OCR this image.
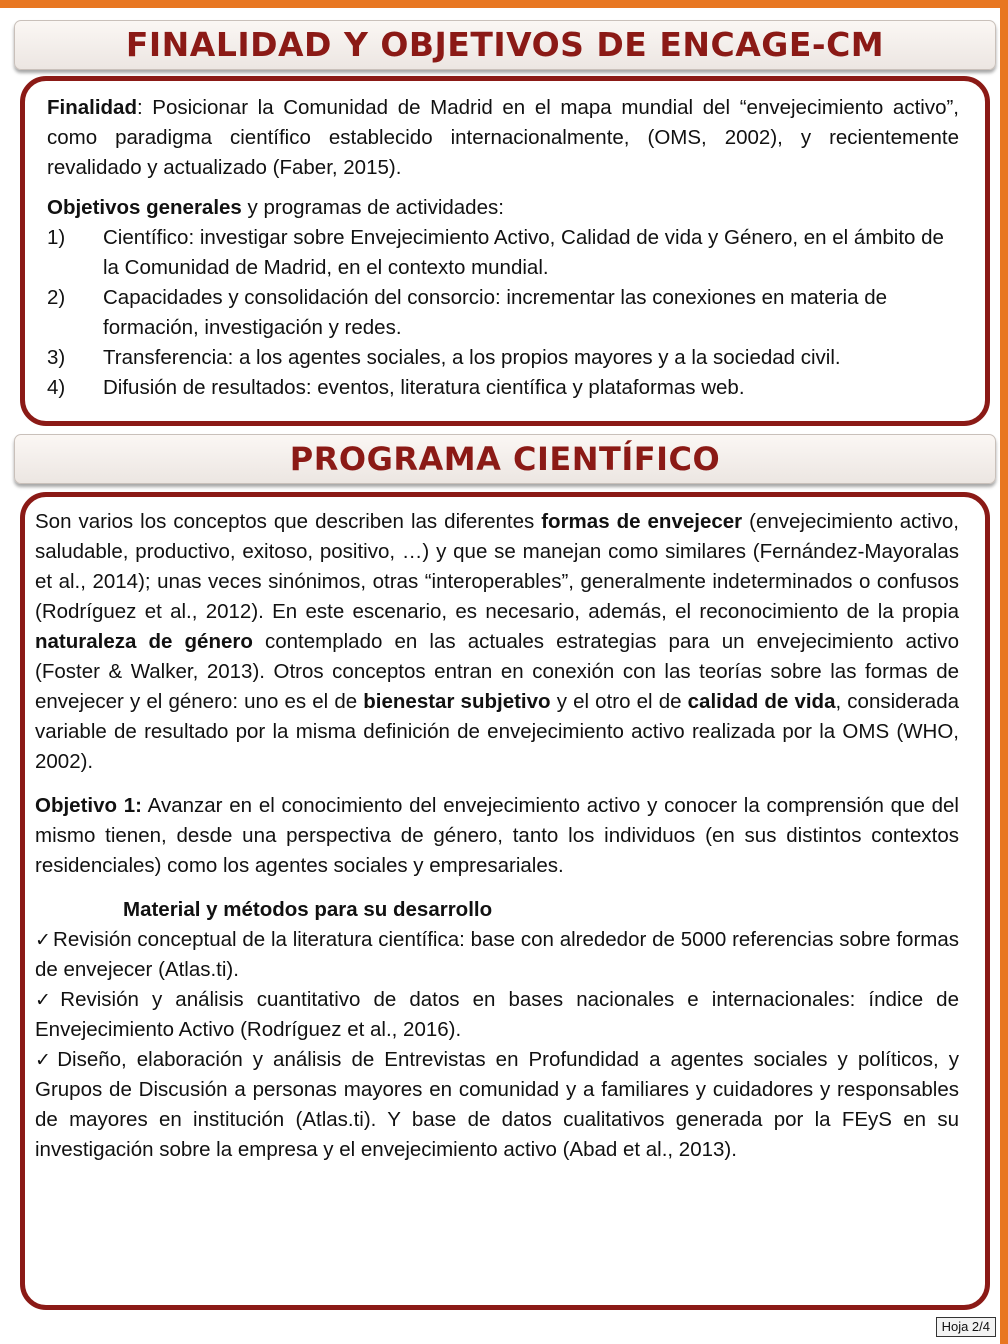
FINALIDAD Y OBJETIVOS DE ENCAGE-CM

Finalidad: Posicionar la Comunidad de Madrid en el mapa mundial del “envejecimiento activo”, como paradigma científico establecido internacionalmente, (OMS, 2002), y recientemente revalidado y actualizado (Faber, 2015).

Objetivos generales y programas de actividades:

1) Científico: investigar sobre Envejecimiento Activo, Calidad de vida y Género, en el ámbito de la Comunidad de Madrid, en el contexto mundial.
2) Capacidades y consolidación del consorcio: incrementar las conexiones en materia de formación, investigación y redes.
3) Transferencia: a los agentes sociales, a los propios mayores y a la sociedad civil.
4) Difusión de resultados: eventos, literatura científica y plataformas web.
PROGRAMA CIENTÍFICO

Son varios los conceptos que describen las diferentes formas de envejecer (envejecimiento activo, saludable, productivo, exitoso, positivo, …) y que se manejan como similares (Fernández-Mayoralas et al., 2014); unas veces sinónimos, otras “interoperables”, generalmente indeterminados o confusos (Rodríguez et al., 2012). En este escenario, es necesario, además, el reconocimiento de la propia naturaleza de género contemplado en las actuales estrategias para un envejecimiento activo (Foster & Walker, 2013). Otros conceptos entran en conexión con las teorías sobre las formas de envejecer y el género: uno es el de bienestar subjetivo y el otro el de calidad de vida, considerada variable de resultado por la misma definición de envejecimiento activo realizada por la OMS (WHO, 2002).

Objetivo 1: Avanzar en el conocimiento del envejecimiento activo y conocer la comprensión que del mismo tienen, desde una perspectiva de género, tanto los individuos (en sus distintos contextos residenciales) como los agentes sociales y empresariales.

Material y métodos para su desarrollo

✓Revisión conceptual de la literatura científica: base con alrededor de 5000 referencias sobre formas de envejecer (Atlas.ti).
✓Revisión y análisis cuantitativo de datos en bases nacionales e internacionales: índice de Envejecimiento Activo (Rodríguez et al., 2016).
✓Diseño, elaboración y análisis de Entrevistas en Profundidad a agentes sociales y políticos, y Grupos de Discusión a personas mayores en comunidad y a familiares y cuidadores y responsables de mayores en institución (Atlas.ti). Y base de datos cualitativos generada por la FEyS en su investigación sobre la empresa y el envejecimiento activo (Abad et al., 2013).
Hoja 2/4
